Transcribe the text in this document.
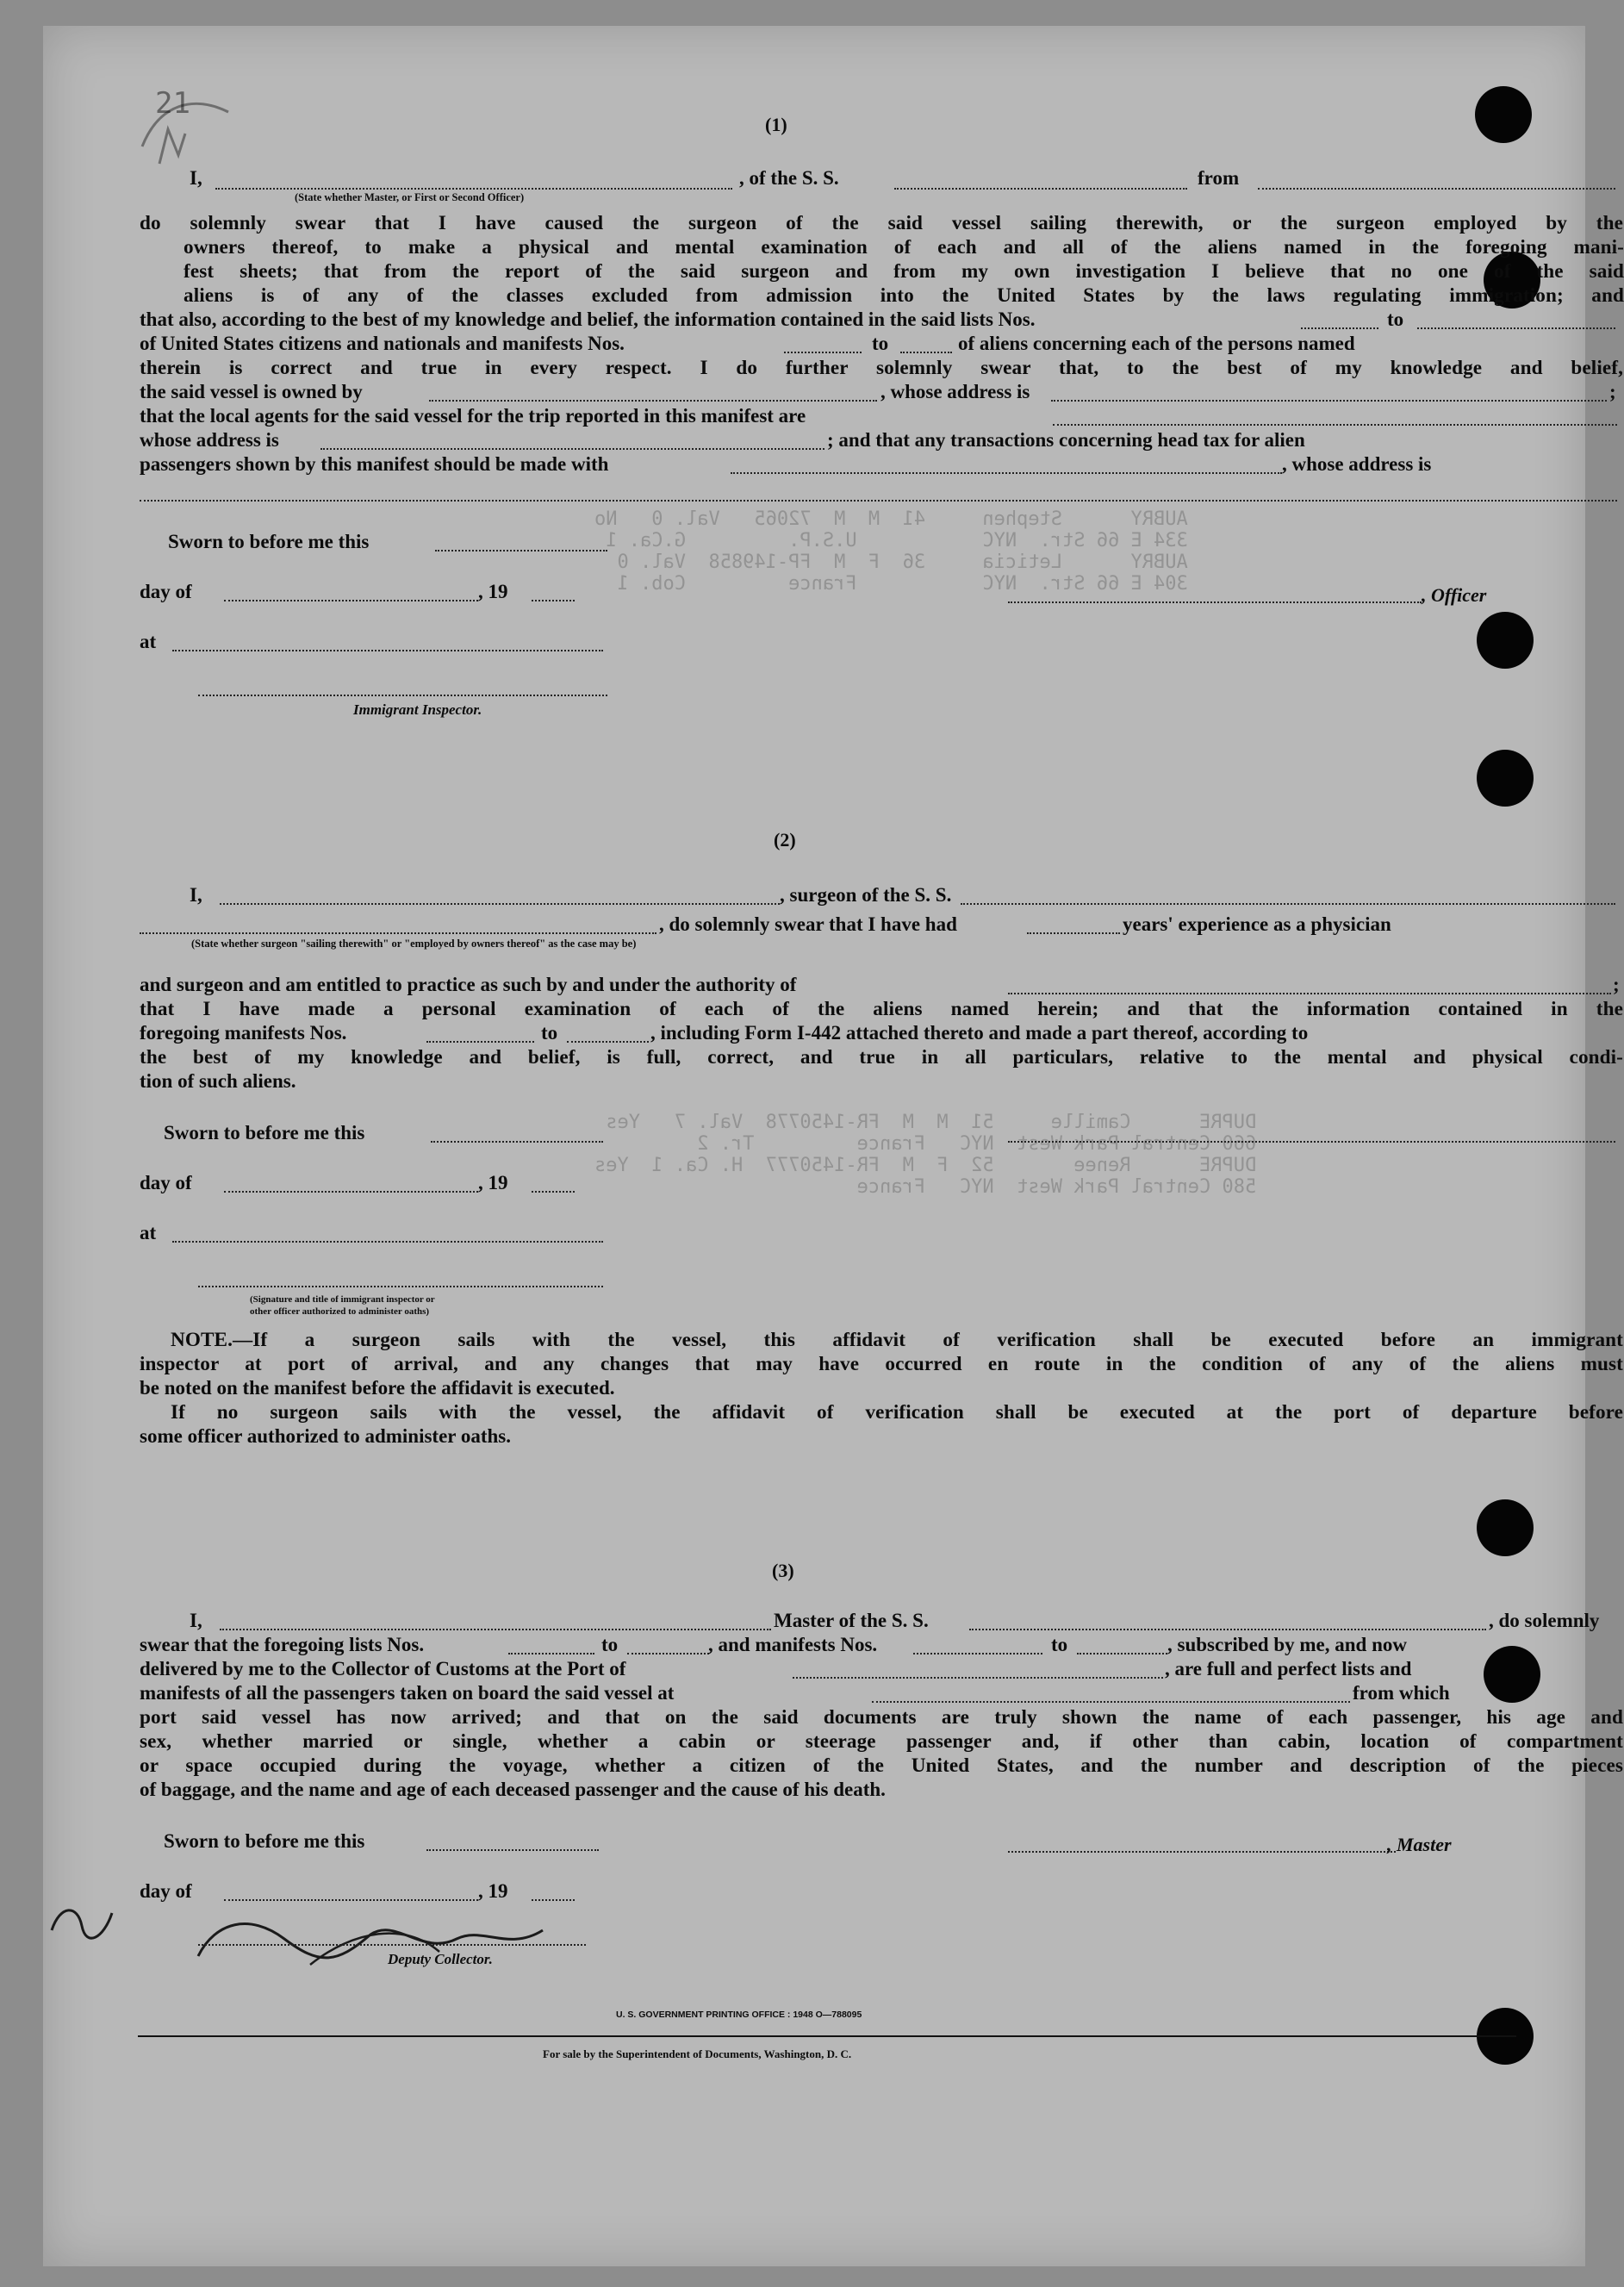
AUBRY      Stephen     41  M  M  72065   Val. 0   No
334 E 66 Str.  NYC           U.S.P.         G.Ca. 1
AUBRY      Leticia     36  F  M  FP-149858  Val. 0
304 E 66 Str.  NYC           France         Cob. 1
DUPRE      Camille     51  M  M  FR-1450778  Val. 7   Yes
660 Central Park West  NYC   France         Tr. 2
DUPRE      Renee       52  F  M  FR-1450777  H. Ca. 1  Yes
580 Central Park West  NYC   France
21
(1)
I,	, of the S. S.	from
(State whether Master, or First or Second Officer)
do solemnly swear that I have caused the surgeon of the said vessel sailing therewith, or the surgeon employed by the
owners thereof, to make a physical and mental examination of each and all of the aliens named in the foregoing mani-
fest sheets; that from the report of the said surgeon and from my own investigation I believe that no one of the said
aliens is of any of the classes excluded from admission into the United States by the laws regulating immigration; and
that also, according to the best of my knowledge and belief, the information contained in the said lists Nos.	to
of United States citizens and nationals and manifests Nos.	to	of aliens concerning each of the persons named
therein is correct and true in every respect. I do further solemnly swear that, to the best of my knowledge and belief,
the said vessel is owned by	, whose address is	;
that the local agents for the said vessel for the trip reported in this manifest are
whose address is	; and that any transactions concerning head tax for alien
passengers shown by this manifest should be made with	, whose address is
Sworn to before me this
day of	, 19	, Officer
at
Immigrant Inspector.
(2)
I,	, surgeon of the S. S.
, do solemnly swear that I have had	years' experience as a physician
(State whether surgeon "sailing therewith" or "employed by owners thereof" as the case may be)
and surgeon and am entitled to practice as such by and under the authority of	;
that I have made a personal examination of each of the aliens named herein; and that the information contained in the
foregoing manifests Nos.	to	, including Form I-442 attached thereto and made a part thereof, according to
the best of my knowledge and belief, is full, correct, and true in all particulars, relative to the mental and physical condi-
tion of such aliens.
Sworn to before me this
day of	, 19
at
(Signature and title of immigrant inspector or
other officer authorized to administer oaths)
NOTE.—If a surgeon sails with the vessel, this affidavit of verification shall be executed before an immigrant
inspector at port of arrival, and any changes that may have occurred en route in the condition of any of the aliens must
be noted on the manifest before the affidavit is executed.
If no surgeon sails with the vessel, the affidavit of verification shall be executed at the port of departure before
some officer authorized to administer oaths.
(3)
I,	Master of the S. S.	, do solemnly
swear that the foregoing lists Nos.	to	, and manifests Nos.	to	, subscribed by me, and now
delivered by me to the Collector of Customs at the Port of	, are full and perfect lists and
manifests of all the passengers taken on board the said vessel at	from which
port said vessel has now arrived; and that on the said documents are truly shown the name of each passenger, his age and
sex, whether married or single, whether a cabin or steerage passenger and, if other than cabin, location of compartment
or space occupied during the voyage, whether a citizen of the United States, and the number and description of the pieces
of baggage, and the name and age of each deceased passenger and the cause of his death.
Sworn to before me this	, Master
day of	, 19
Deputy Collector.
U. S. GOVERNMENT PRINTING OFFICE : 1948 O—788095
For sale by the Superintendent of Documents, Washington, D. C.
